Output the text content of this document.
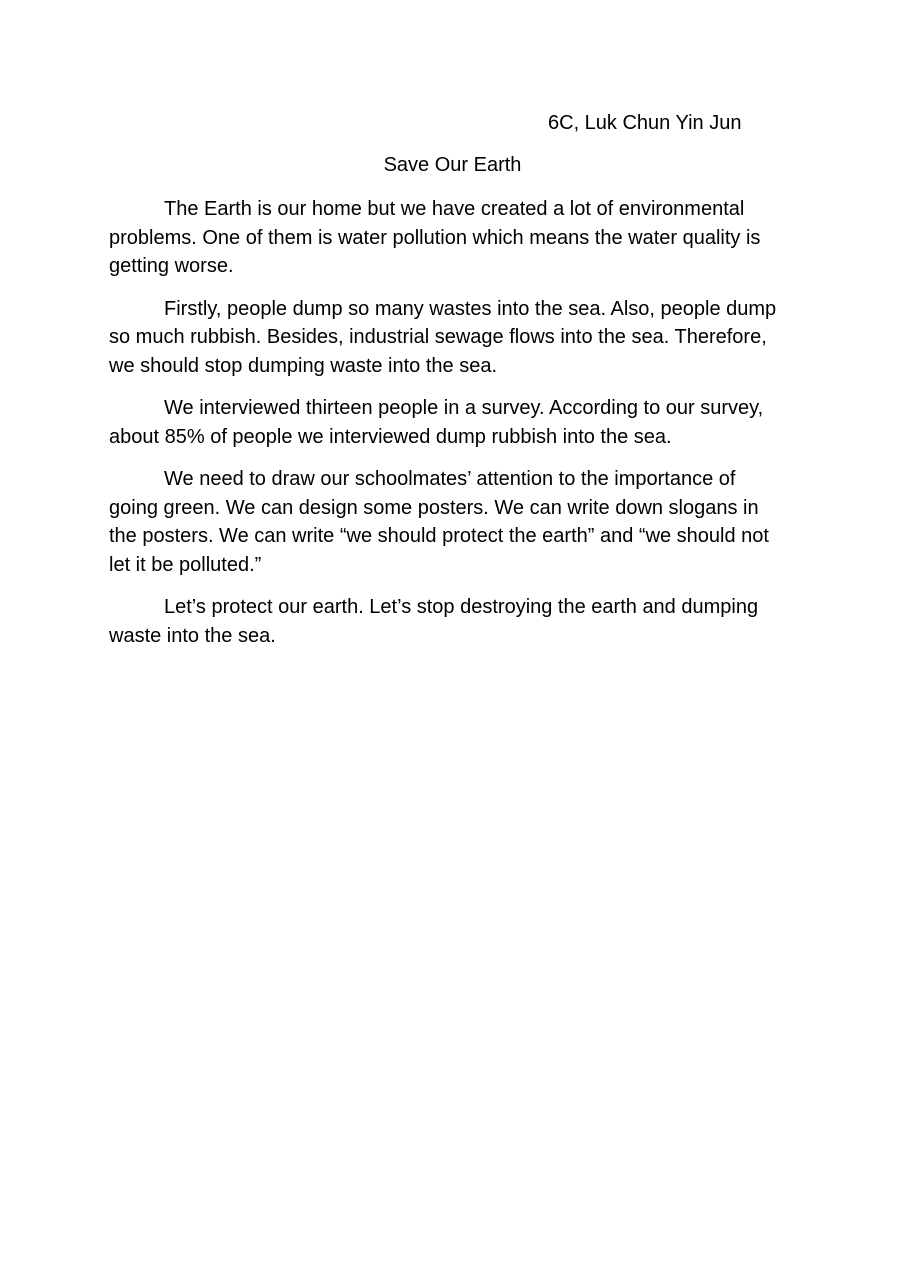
6C, Luk Chun Yin Jun
Save Our Earth

The Earth is our home but we have created a lot of environmental problems. One of them is water pollution which means the water quality is getting worse.

Firstly, people dump so many wastes into the sea. Also, people dump so much rubbish. Besides, industrial sewage flows into the sea. Therefore, we should stop dumping waste into the sea.

We interviewed thirteen people in a survey. According to our survey, about 85% of people we interviewed dump rubbish into the sea.

We need to draw our schoolmates’ attention to the importance of going green. We can design some posters. We can write down slogans in the posters. We can write “we should protect the earth” and “we should not let it be polluted.”

Let’s protect our earth. Let’s stop destroying the earth and dumping waste into the sea.
